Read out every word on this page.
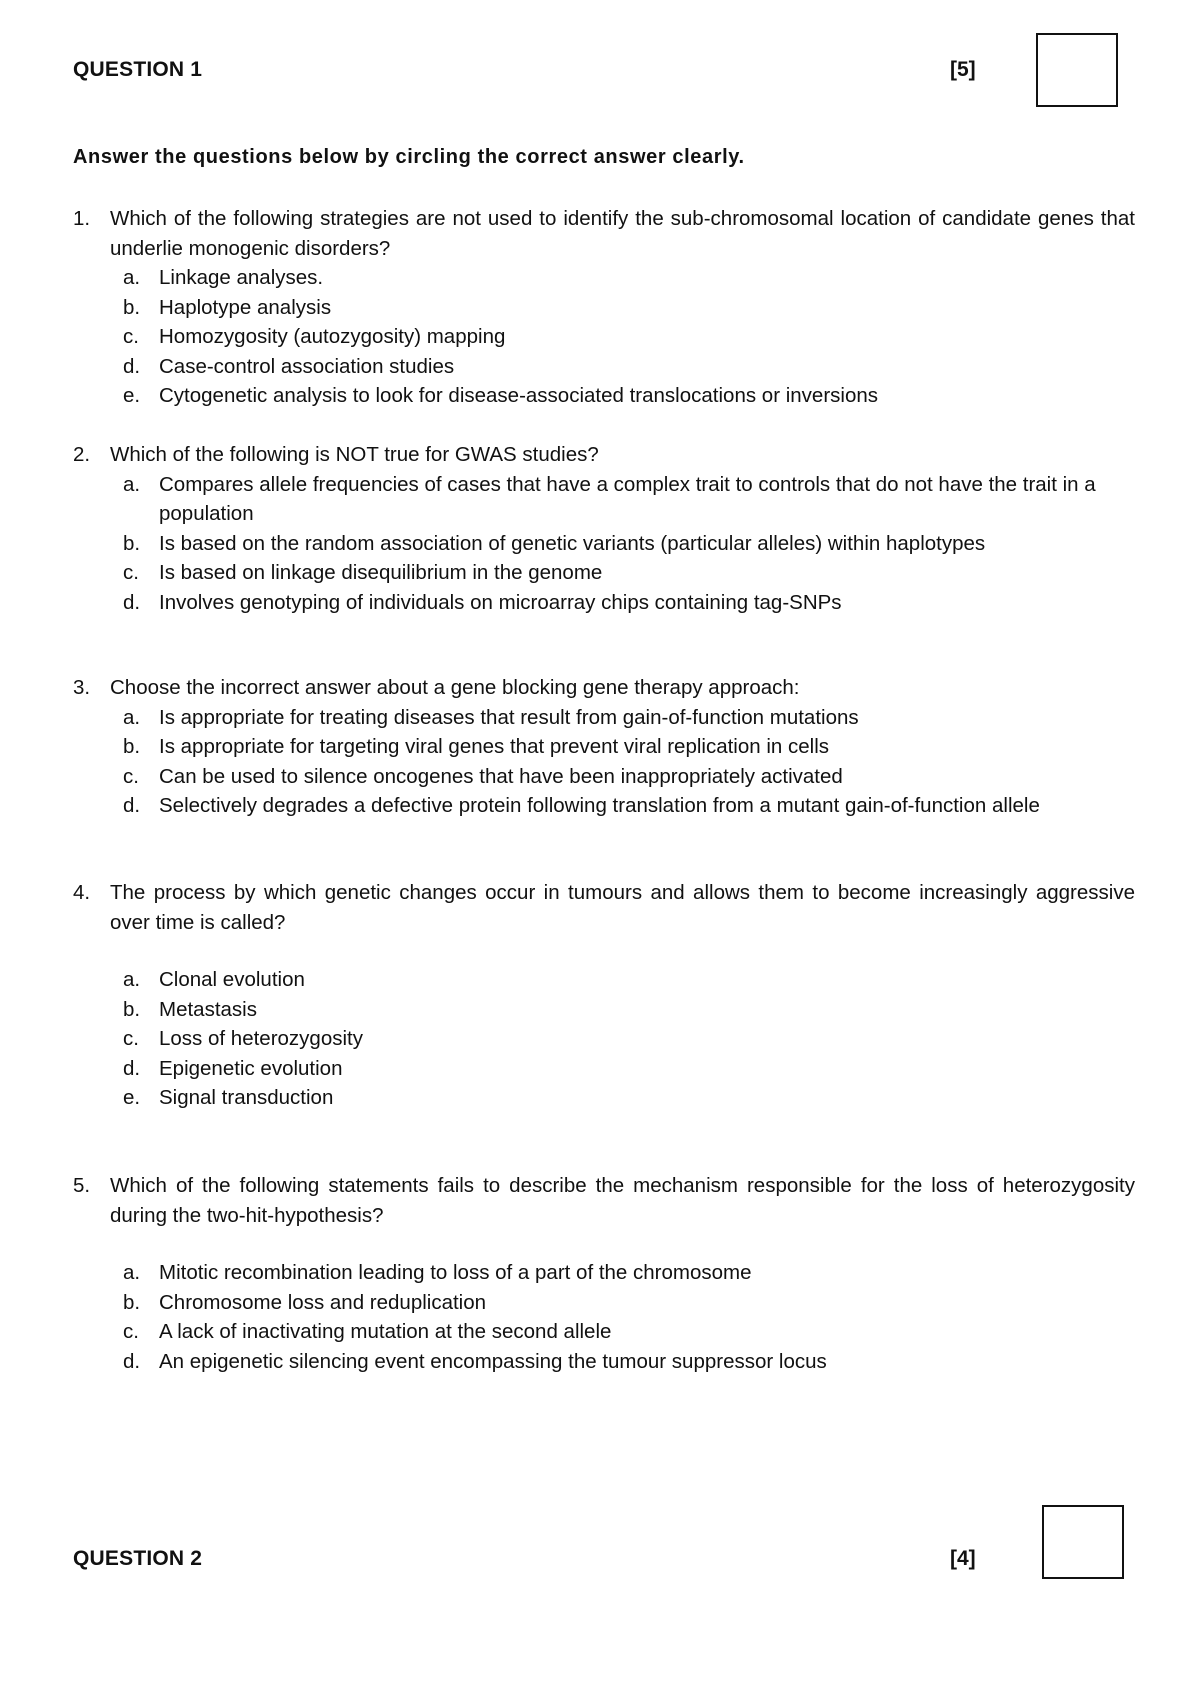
QUESTION 1	[5]
Answer the questions below by circling the correct answer clearly.
1. Which of the following strategies are not used to identify the sub-chromosomal location of candidate genes that underlie monogenic disorders?
a. Linkage analyses.
b. Haplotype analysis
c. Homozygosity (autozygosity) mapping
d. Case-control association studies
e. Cytogenetic analysis to look for disease-associated translocations or inversions
2. Which of the following is NOT true for GWAS studies?
a. Compares allele frequencies of cases that have a complex trait to controls that do not have the trait in a population
b. Is based on the random association of genetic variants (particular alleles) within haplotypes
c. Is based on linkage disequilibrium in the genome
d. Involves genotyping of individuals on microarray chips containing tag-SNPs
3. Choose the incorrect answer about a gene blocking gene therapy approach:
a. Is appropriate for treating diseases that result from gain-of-function mutations
b. Is appropriate for targeting viral genes that prevent viral replication in cells
c. Can be used to silence oncogenes that have been inappropriately activated
d. Selectively degrades a defective protein following translation from a mutant gain-of-function allele
4. The process by which genetic changes occur in tumours and allows them to become increasingly aggressive over time is called?
a. Clonal evolution
b. Metastasis
c. Loss of heterozygosity
d. Epigenetic evolution
e. Signal transduction
5. Which of the following statements fails to describe the mechanism responsible for the loss of heterozygosity during the two-hit-hypothesis?
a. Mitotic recombination leading to loss of a part of the chromosome
b. Chromosome loss and reduplication
c. A lack of inactivating mutation at the second allele
d. An epigenetic silencing event encompassing the tumour suppressor locus
QUESTION 2	[4]
